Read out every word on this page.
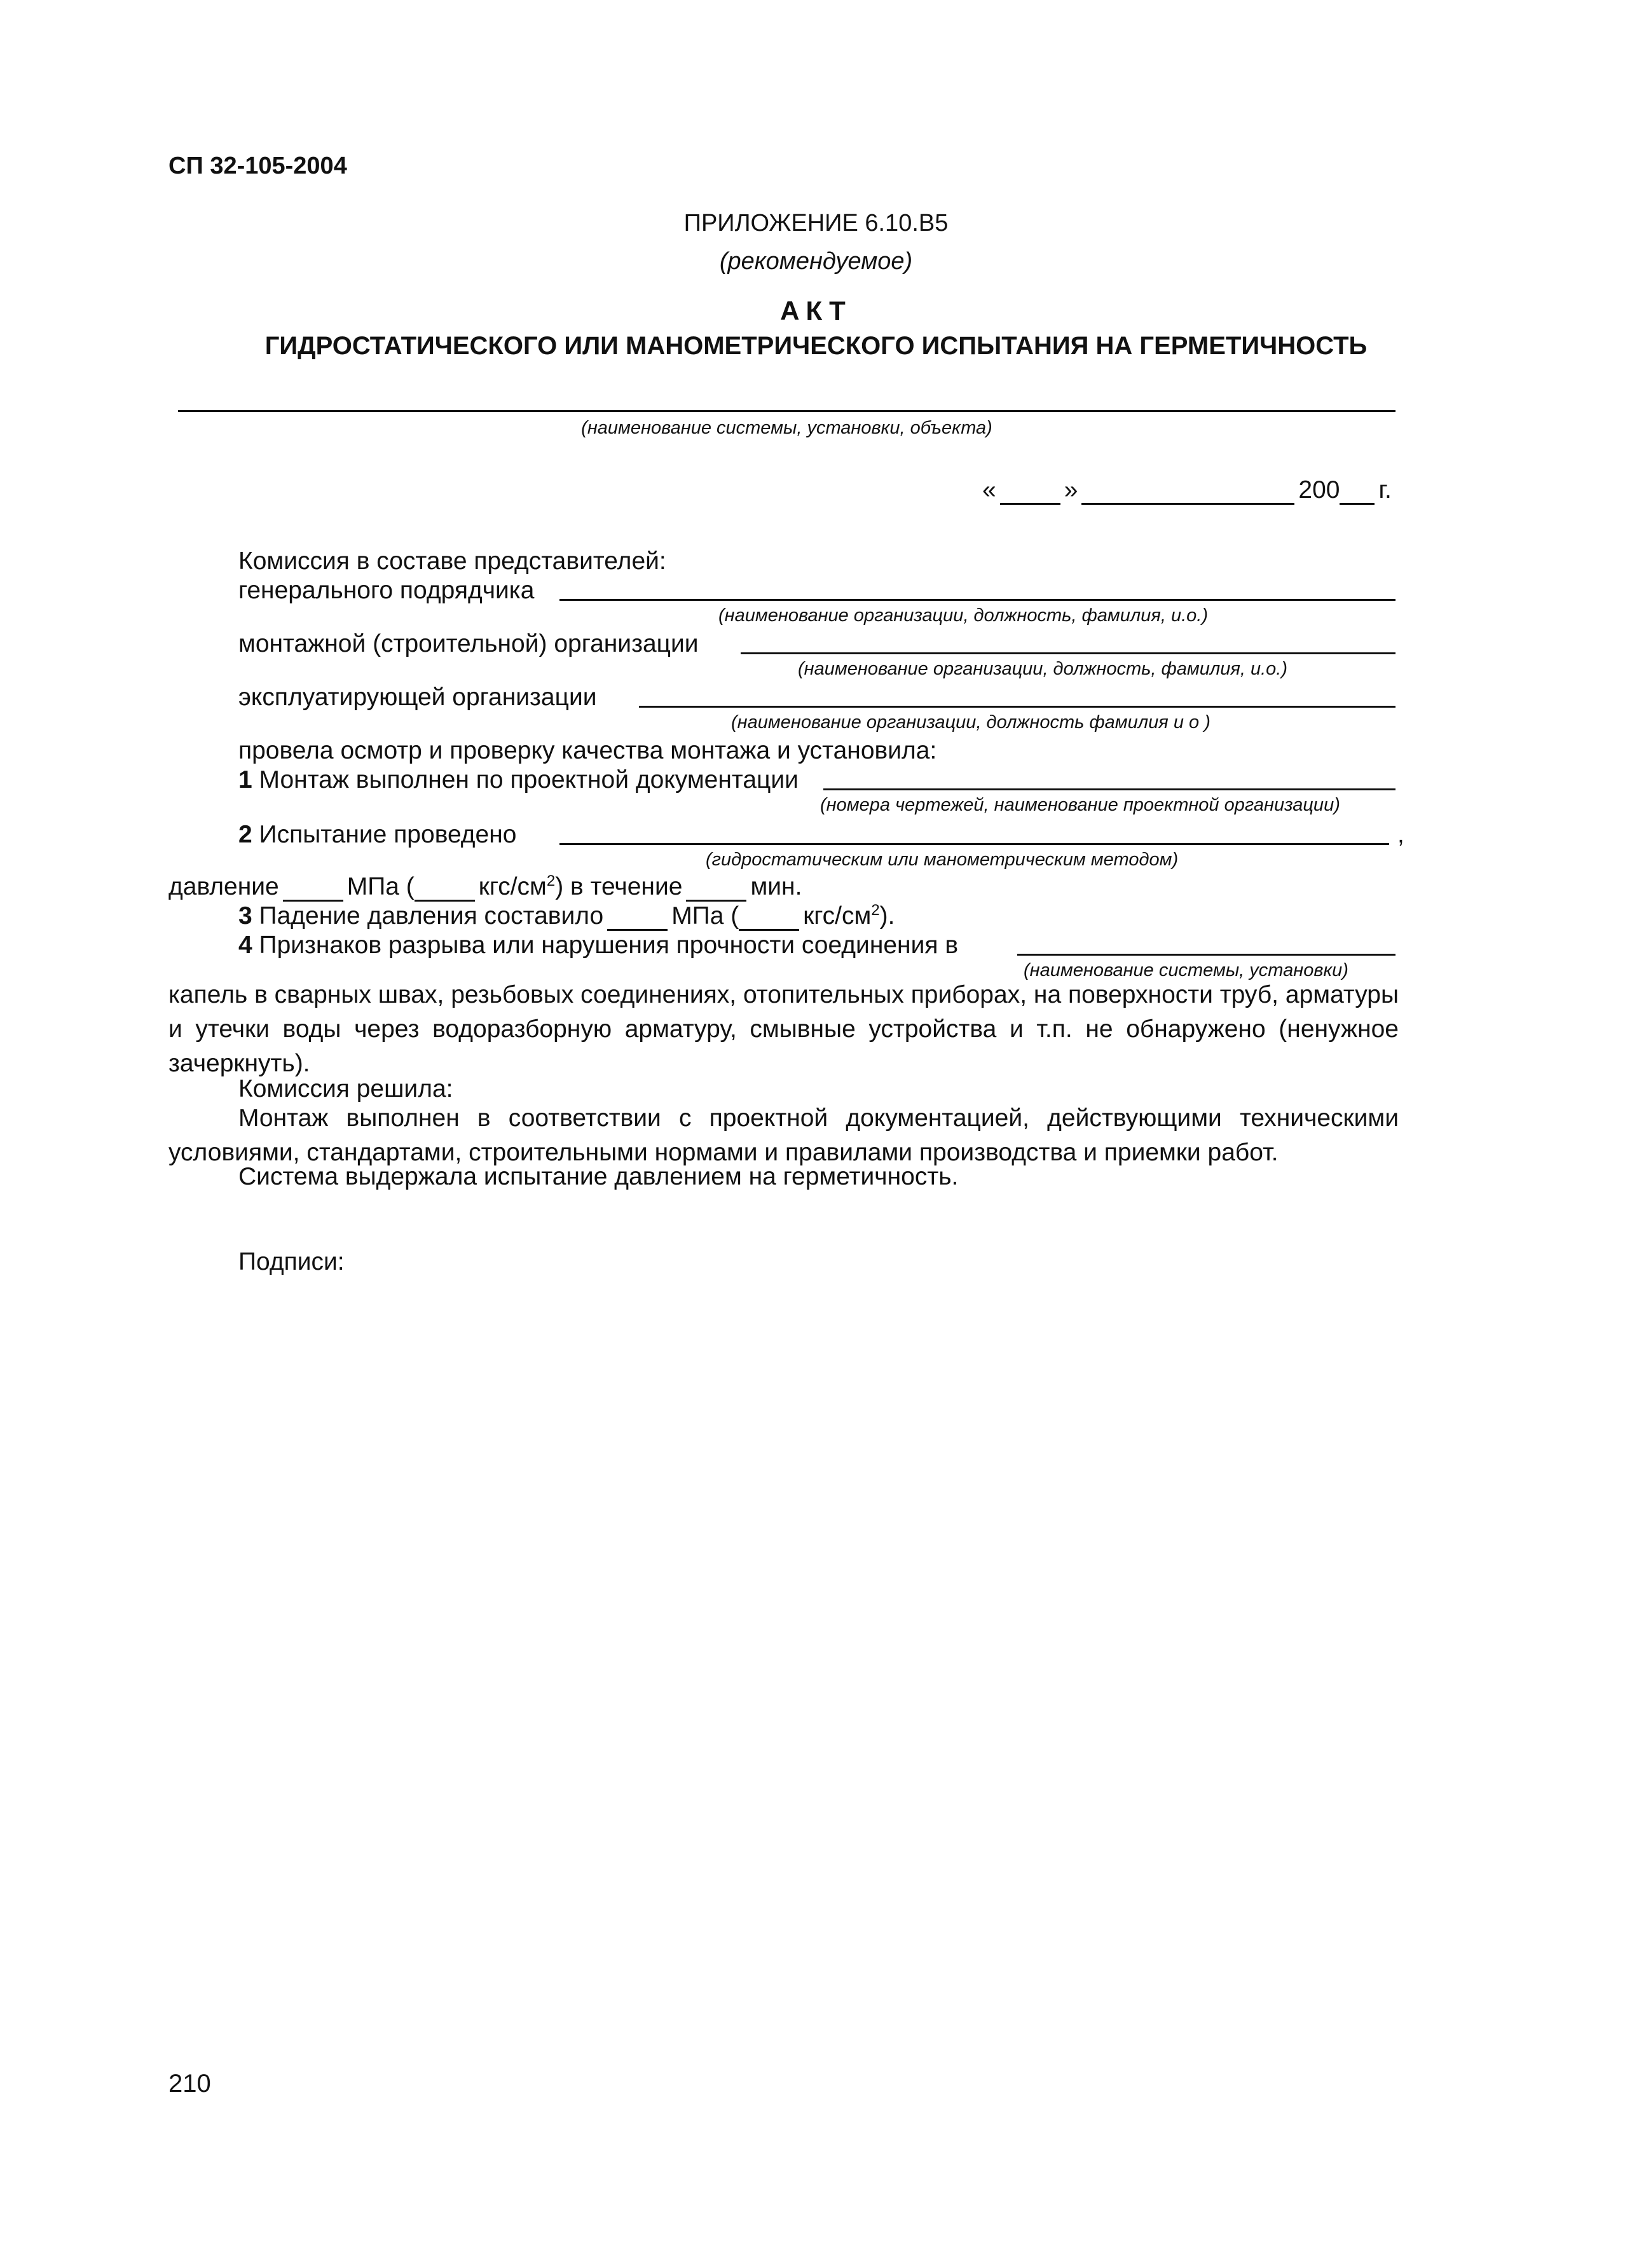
СП 32-105-2004
ПРИЛОЖЕНИЕ 6.10.В5
(рекомендуемое)
АКТ
ГИДРОСТАТИЧЕСКОГО ИЛИ МАНОМЕТРИЧЕСКОГО ИСПЫТАНИЯ НА ГЕРМЕТИЧНОСТЬ
(наименование системы, установки, объекта)
«	»	200 г.
Комиссия в составе представителей:
генерального подрядчика
(наименование организации, должность, фамилия, и.о.)
монтажной (строительной) организации
(наименование организации, должность, фамилия, и.о.)
эксплуатирующей организации
(наименование организации, должность фамилия и о )
провела осмотр и проверку качества монтажа и установила:
1 Монтаж выполнен по проектной документации
(номера чертежей, наименование проектной организации)
2 Испытание проведено	,
(гидростатическим или манометрическим методом)
давление	МПа (	кгс/$см^2$) в течение	мин.
3 Падение давления составило	МПа (	кгс/$см^2$).
4 Признаков разрыва или нарушения прочности соединения в
(наименование системы, установки)
капель в сварных швах, резьбовых соединениях, отопительных приборах, на поверхности труб, арматуры и утечки воды через водоразборную арматуру, смывные устройства и т.п. не обнаружено (ненужное зачеркнуть).
Комиссия решила:
Монтаж выполнен в соответствии с проектной документацией, действующими техническими условиями, стандартами, строительными нормами и правилами производства и приемки работ.
Система выдержала испытание давлением на герметичность.
Подписи:
210
